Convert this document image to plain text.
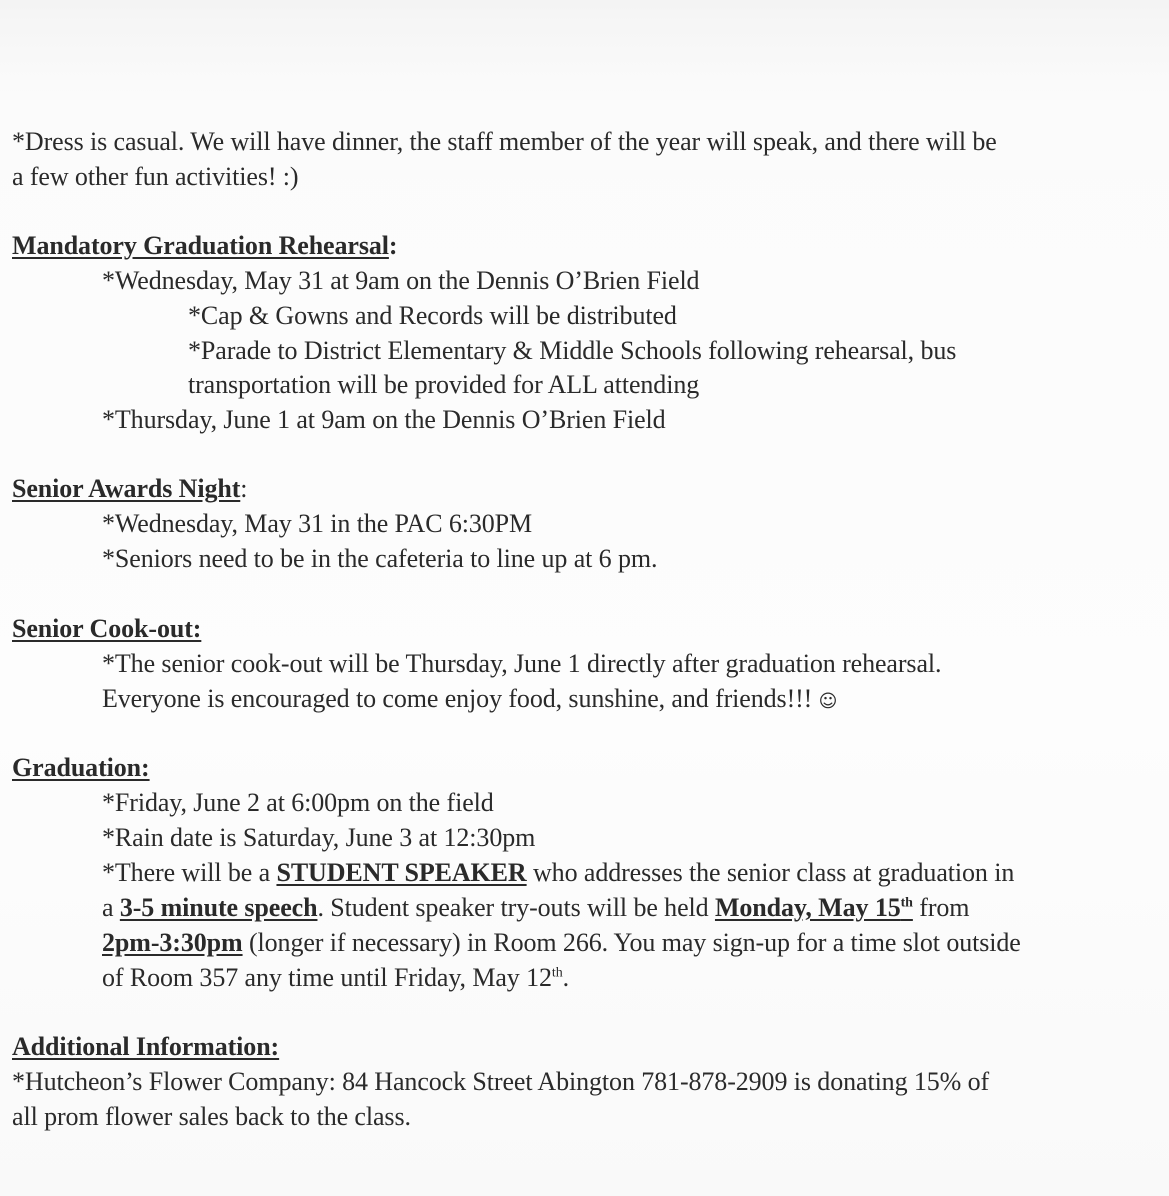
*Dress is casual. We will have dinner, the staff member of the year will speak, and there will be
a few other fun activities! :)
Mandatory Graduation Rehearsal:
*Wednesday, May 31 at 9am on the Dennis O’Brien Field
*Cap & Gowns and Records will be distributed
*Parade to District Elementary & Middle Schools following rehearsal, bus
transportation will be provided for ALL attending
*Thursday, June 1 at 9am on the Dennis O’Brien Field
Senior Awards Night:
*Wednesday, May 31 in the PAC 6:30PM
*Seniors need to be in the cafeteria to line up at 6 pm.
Senior Cook-out:
*The senior cook-out will be Thursday, June 1 directly after graduation rehearsal.
Everyone is encouraged to come enjoy food, sunshine, and friends!!! ☺
Graduation:
*Friday, June 2 at 6:00pm on the field
*Rain date is Saturday, June 3 at 12:30pm
*There will be a STUDENT SPEAKER who addresses the senior class at graduation in
a 3-5 minute speech. Student speaker try-outs will be held Monday, May 15th from
2pm-3:30pm (longer if necessary) in Room 266. You may sign-up for a time slot outside
of Room 357 any time until Friday, May 12th.
Additional Information:
*Hutcheon’s Flower Company: 84 Hancock Street Abington 781-878-2909 is donating 15% of
all prom flower sales back to the class.
